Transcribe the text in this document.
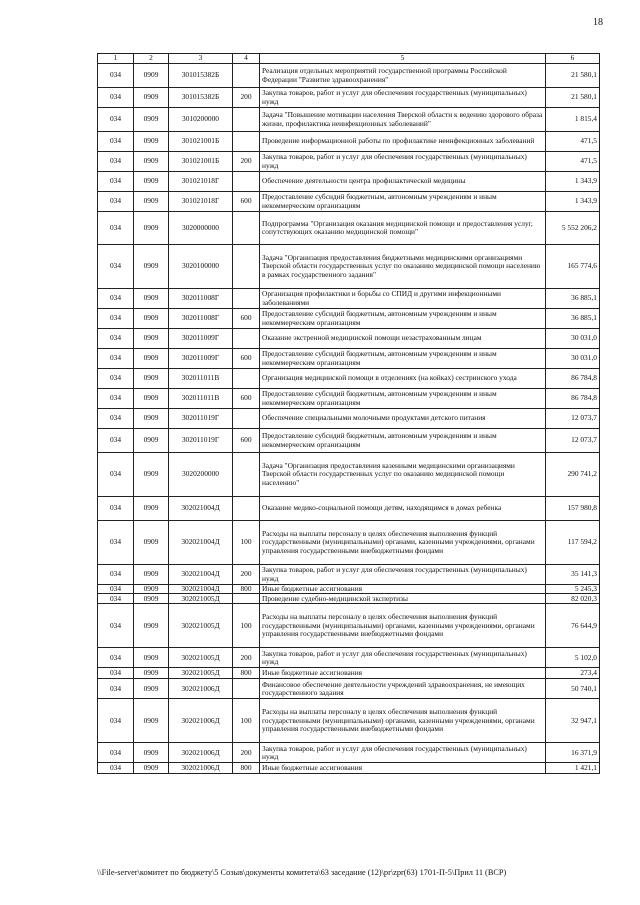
18
1	2	3	4	5	6
034	0909	301015382Б		Реализация отдельных мероприятий государственной программы Российской Федерации "Развитие здравоохранения"	21 580,1
034	0909	301015382Б	200	Закупка товаров, работ и услуг для обеспечения государственных (муниципальных) нужд	21 580,1
034	0909	3010200000		Задача "Повышение мотивации населения Тверской области к ведению здорового образа жизни, профилактика неинфекционных заболеваний"	1 815,4
034	0909	301021001Б		Проведение информационной работы по профилактике неинфекционных заболеваний	471,5
034	0909	301021001Б	200	Закупка товаров, работ и услуг для обеспечения государственных (муниципальных) нужд	471,5
034	0909	301021018Г		Обеспечение деятельности центра профилактической медицины	1 343,9
034	0909	301021018Г	600	Предоставление субсидий бюджетным, автономным учреждениям и иным некоммерческим организациям	1 343,9
034	0909	3020000000		Подпрограмма "Организация оказания медицинской помощи и предоставления услуг, сопутствующих оказанию медицинской помощи"	5 552 206,2
034	0909	3020100000		Задача "Организация предоставления бюджетными медицинскими организациями Тверской области государственных услуг по оказанию медицинской помощи населению в рамках государственного задания"	165 774,6
034	0909	302011008Г		Организация профилактики и борьбы со СПИД и другими инфекционными заболеваниями	36 885,1
034	0909	302011008Г	600	Предоставление субсидий бюджетным, автономным учреждениям и иным некоммерческим организациям	36 885,1
034	0909	302011009Г		Оказание экстренной медицинской помощи незастрахованным лицам	30 031,0
034	0909	302011009Г	600	Предоставление субсидий бюджетным, автономным учреждениям и иным некоммерческим организациям	30 031,0
034	0909	302011011В		Организация медицинской помощи в отделениях (на койках) сестринского ухода	86 784,8
034	0909	302011011В	600	Предоставление субсидий бюджетным, автономным учреждениям и иным некоммерческим организациям	86 784,8
034	0909	302011019Г		Обеспечение специальными молочными продуктами детского питания	12 073,7
034	0909	302011019Г	600	Предоставление субсидий бюджетным, автономным учреждениям и иным некоммерческим организациям	12 073,7
034	0909	3020200000		Задача "Организация предоставления казенными медицинскими организациями Тверской области государственных услуг по оказанию медицинской помощи населению"	290 741,2
034	0909	302021004Д		Оказание медико-социальной помощи детям, находящимся в домах ребенка	157 980,8
034	0909	302021004Д	100	Расходы на выплаты персоналу в целях обеспечения выполнения функций государственными (муниципальными) органами, казенными учреждениями, органами управления государственными внебюджетными фондами	117 594,2
034	0909	302021004Д	200	Закупка товаров, работ и услуг для обеспечения государственных (муниципальных) нужд	35 141,3
034	0909	302021004Д	800	Иные бюджетные ассигнования	5 245,3
034	0909	302021005Д		Проведение судебно-медицинской экспертизы	82 020,3
034	0909	302021005Д	100	Расходы на выплаты персоналу в целях обеспечения выполнения функций государственными (муниципальными) органами, казенными учреждениями, органами управления государственными внебюджетными фондами	76 644,9
034	0909	302021005Д	200	Закупка товаров, работ и услуг для обеспечения государственных (муниципальных) нужд	5 102,0
034	0909	302021005Д	800	Иные бюджетные ассигнования	273,4
034	0909	302021006Д		Финансовое обеспечение деятельности учреждений здравоохранения, не имеющих государственного задания	50 740,1
034	0909	302021006Д	100	Расходы на выплаты персоналу в целях обеспечения выполнения функций государственными (муниципальными) органами, казенными учреждениями, органами управления государственными внебюджетными фондами	32 947,1
034	0909	302021006Д	200	Закупка товаров, работ и услуг для обеспечения государственных (муниципальных) нужд	16 371,9
034	0909	302021006Д	800	Иные бюджетные ассигнования	1 421,1
\\File-server\комитет по бюджету\5 Созыв\документы комитета\63 заседание (12)\pr\zpr(63) 1701-П-5\Прил 11 (ВСР)
